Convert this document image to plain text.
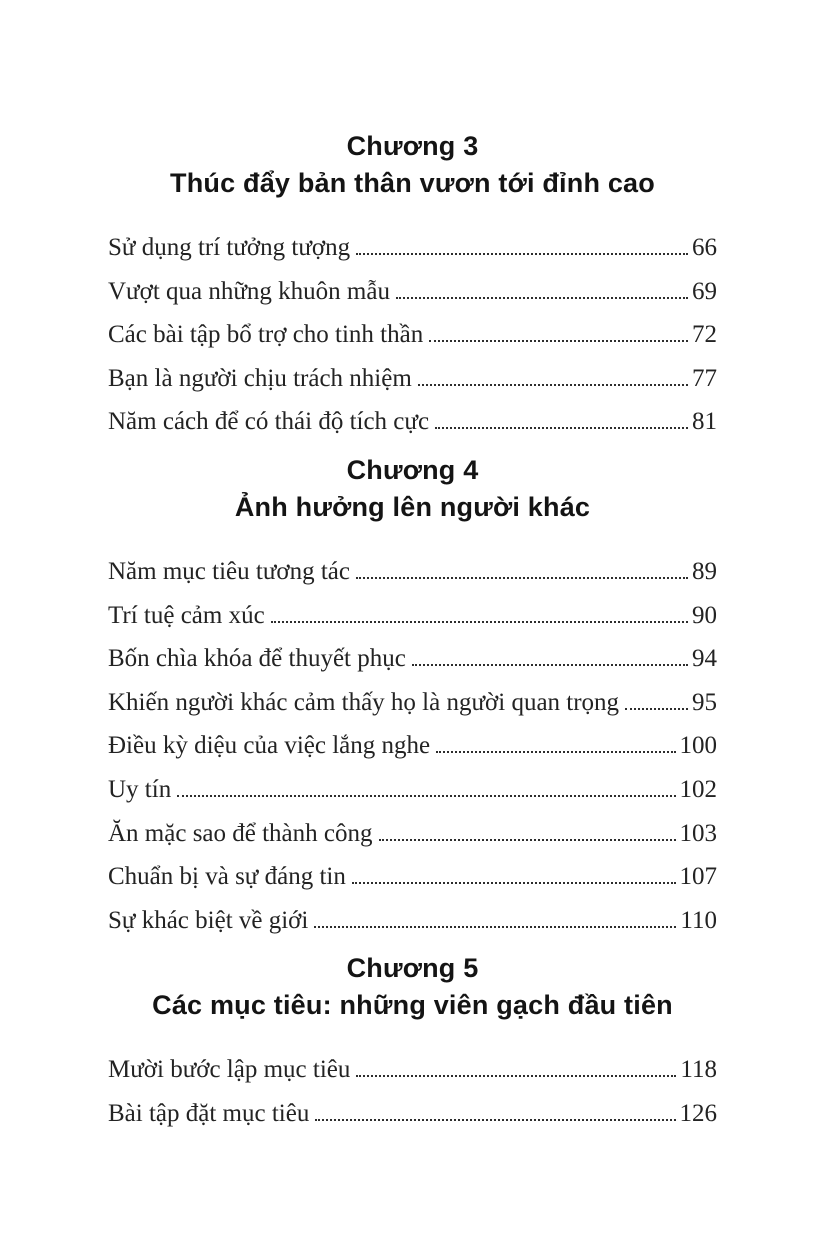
Chương 3
Thúc đẩy bản thân vươn tới đỉnh cao
Sử dụng trí tưởng tượng	66
Vượt qua những khuôn mẫu	69
Các bài tập bổ trợ cho tinh thần	72
Bạn là người chịu trách nhiệm	77
Năm cách để có thái độ tích cực	81
Chương 4
Ảnh hưởng lên người khác
Năm mục tiêu tương tác	89
Trí tuệ cảm xúc	90
Bốn chìa khóa để thuyết phục	94
Khiến người khác cảm thấy họ là người quan trọng	95
Điều kỳ diệu của việc lắng nghe	100
Uy tín	102
Ăn mặc sao để thành công	103
Chuẩn bị và sự đáng tin	107
Sự khác biệt về giới	110
Chương 5
Các mục tiêu: những viên gạch đầu tiên
Mười bước lập mục tiêu	118
Bài tập đặt mục tiêu	126
